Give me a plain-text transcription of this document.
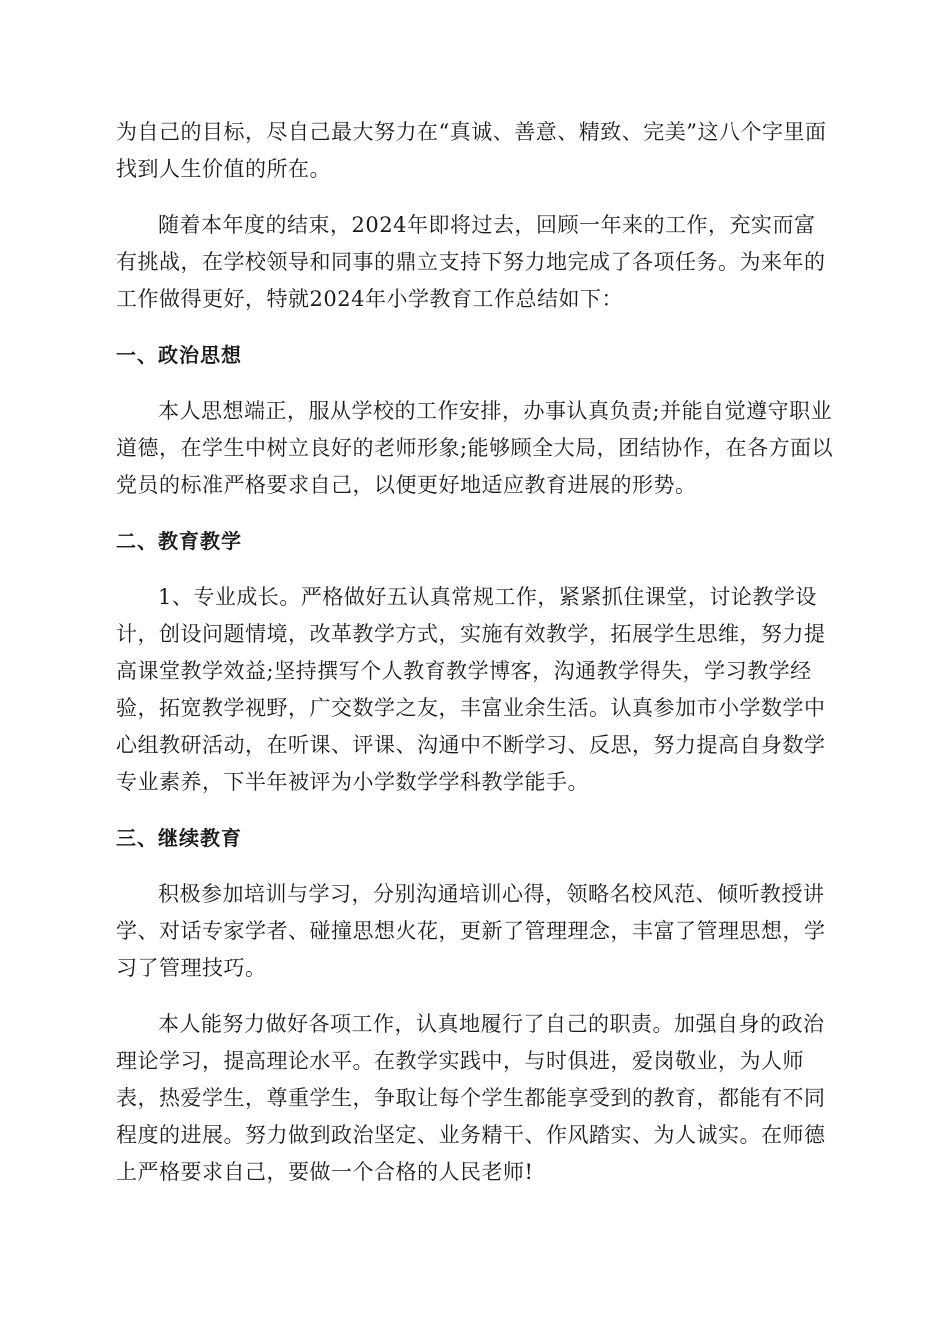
为自己的目标，尽自己最大努力在“真诚、善意、精致、完美”这八个字里面找到人生价值的所在。

随着本年度的结束，2024年即将过去，回顾一年来的工作，充实而富有挑战，在学校领导和同事的鼎立支持下努力地完成了各项任务。为来年的工作做得更好，特就2024年小学教育工作总结如下：

一、政治思想

本人思想端正，服从学校的工作安排，办事认真负责;并能自觉遵守职业道德，在学生中树立良好的老师形象;能够顾全大局，团结协作，在各方面以党员的标准严格要求自己，以便更好地适应教育进展的形势。

二、教育教学

1、专业成长。严格做好五认真常规工作，紧紧抓住课堂，讨论教学设计，创设问题情境，改革教学方式，实施有效教学，拓展学生思维，努力提高课堂教学效益;坚持撰写个人教育教学博客，沟通教学得失，学习教学经验，拓宽教学视野，广交数学之友，丰富业余生活。认真参加市小学数学中心组教研活动，在听课、评课、沟通中不断学习、反思，努力提高自身数学专业素养，下半年被评为小学数学学科教学能手。

三、继续教育

积极参加培训与学习，分别沟通培训心得，领略名校风范、倾听教授讲学、对话专家学者、碰撞思想火花，更新了管理理念，丰富了管理思想，学习了管理技巧。

本人能努力做好各项工作，认真地履行了自己的职责。加强自身的政治理论学习，提高理论水平。在教学实践中，与时俱进，爱岗敬业，为人师表，热爱学生，尊重学生，争取让每个学生都能享受到的教育，都能有不同程度的进展。努力做到政治坚定、业务精干、作风踏实、为人诚实。在师德上严格要求自己，要做一个合格的人民老师!
